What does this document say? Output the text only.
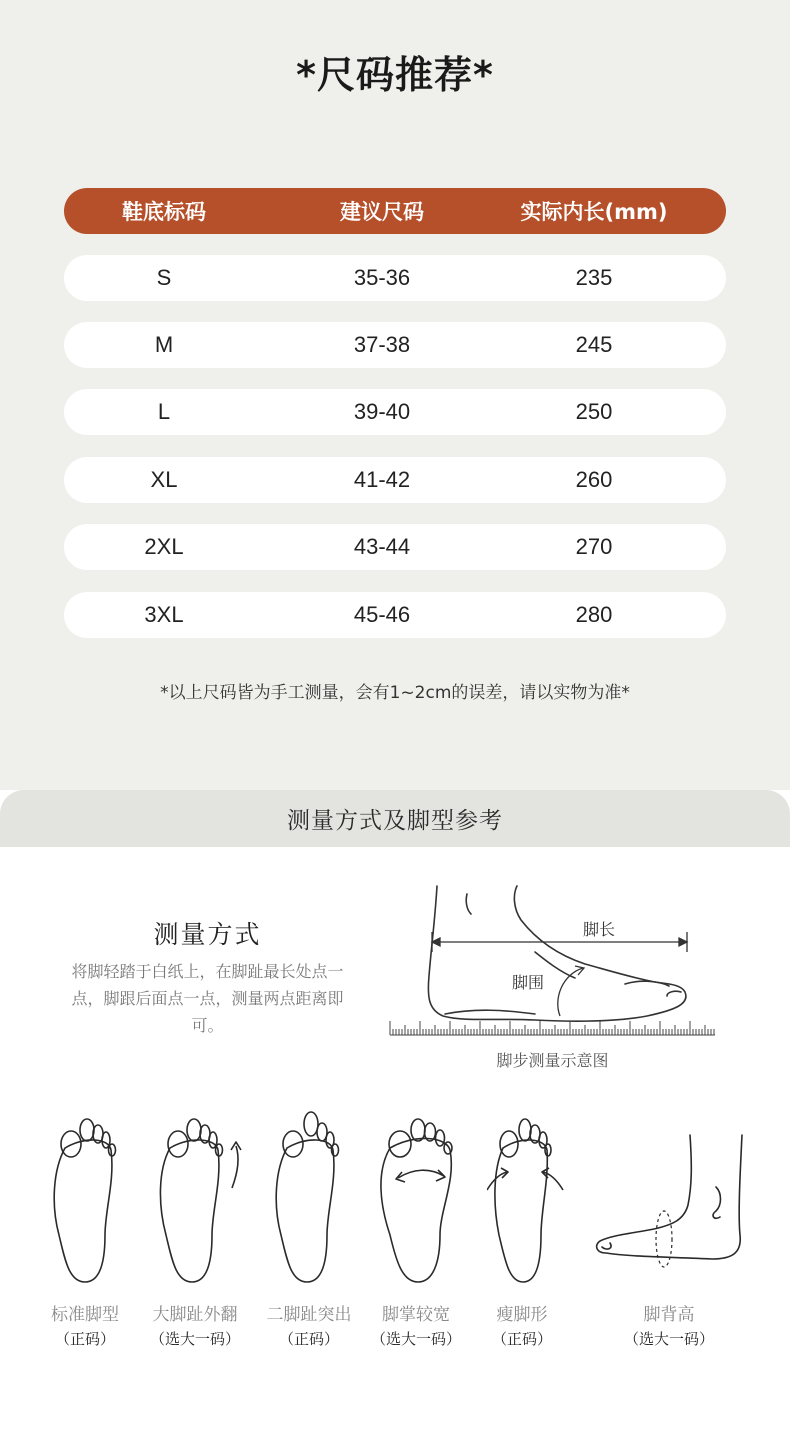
*尺码推荐*
鞋底标码	建议尺码	实际内长(mm)
S	35-36	235
M	37-38	245
L	39-40	250
XL	41-42	260
2XL	43-44	270
3XL	45-46	280
*以上尺码皆为手工测量，会有1~2cm的误差，请以实物为准*
测量方式及脚型参考
测量方式
将脚轻踏于白纸上，在脚趾最长处点一点，脚跟后面点一点，测量两点距离即可。
脚长
脚围
脚步测量示意图
标准脚型
（正码）
大脚趾外翻
（选大一码）
二脚趾突出
（正码）
脚掌较宽
（选大一码）
瘦脚形
（正码）
脚背高
（选大一码）
